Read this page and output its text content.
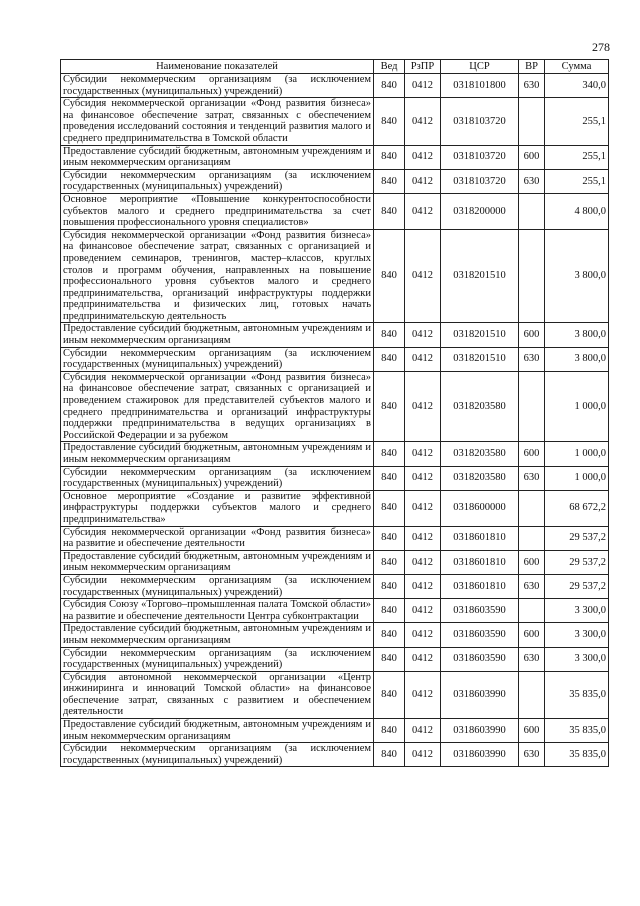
278
Наименование показателей	Вед	РзПР	ЦСР	ВР	Сумма
Субсидии некоммерческим организациям (за исключением государственных (муниципальных) учреждений)	840	0412	0318101800	630	340,0
Субсидия некоммерческой организации «Фонд развития бизнеса» на финансовое обеспечение затрат, связанных с обеспечением проведения исследований состояния и тенденций развития малого и среднего предпринимательства в Томской области	840	0412	0318103720		255,1
Предоставление субсидий бюджетным, автономным учреждениям и иным некоммерческим организациям	840	0412	0318103720	600	255,1
Субсидии некоммерческим организациям (за исключением государственных (муниципальных) учреждений)	840	0412	0318103720	630	255,1
Основное мероприятие «Повышение конкурентоспособности субъектов малого и среднего предпринимательства за счет повышения профессионального уровня специалистов»	840	0412	0318200000		4 800,0
Субсидия некоммерческой организации «Фонд развития бизнеса» на финансовое обеспечение затрат, связанных с организацией и проведением семинаров, тренингов, мастер–классов, круглых столов и программ обучения, направленных на повышение профессионального уровня субъектов малого и среднего предпринимательства, организаций инфраструктуры поддержки предпринимательства и физических лиц, готовых начать предпринимательскую деятельность	840	0412	0318201510		3 800,0
Предоставление субсидий бюджетным, автономным учреждениям и иным некоммерческим организациям	840	0412	0318201510	600	3 800,0
Субсидии некоммерческим организациям (за исключением государственных (муниципальных) учреждений)	840	0412	0318201510	630	3 800,0
Субсидия некоммерческой организации «Фонд развития бизнеса» на финансовое обеспечение затрат, связанных с организацией и проведением стажировок для представителей субъектов малого и среднего предпринимательства и организаций инфраструктуры поддержки предпринимательства в ведущих организациях в Российской Федерации и за рубежом	840	0412	0318203580		1 000,0
Предоставление субсидий бюджетным, автономным учреждениям и иным некоммерческим организациям	840	0412	0318203580	600	1 000,0
Субсидии некоммерческим организациям (за исключением государственных (муниципальных) учреждений)	840	0412	0318203580	630	1 000,0
Основное мероприятие «Создание и развитие эффективной инфраструктуры поддержки субъектов малого и среднего предпринимательства»	840	0412	0318600000		68 672,2
Субсидия некоммерческой организации «Фонд развития бизнеса» на развитие и обеспечение деятельности	840	0412	0318601810		29 537,2
Предоставление субсидий бюджетным, автономным учреждениям и иным некоммерческим организациям	840	0412	0318601810	600	29 537,2
Субсидии некоммерческим организациям (за исключением государственных (муниципальных) учреждений)	840	0412	0318601810	630	29 537,2
Субсидия Союзу «Торгово–промышленная палата Томской области» на развитие и обеспечение деятельности Центра субконтрактации	840	0412	0318603590		3 300,0
Предоставление субсидий бюджетным, автономным учреждениям и иным некоммерческим организациям	840	0412	0318603590	600	3 300,0
Субсидии некоммерческим организациям (за исключением государственных (муниципальных) учреждений)	840	0412	0318603590	630	3 300,0
Субсидия автономной некоммерческой организации «Центр инжиниринга и инноваций Томской области» на финансовое обеспечение затрат, связанных с развитием и обеспечением деятельности	840	0412	0318603990		35 835,0
Предоставление субсидий бюджетным, автономным учреждениям и иным некоммерческим организациям	840	0412	0318603990	600	35 835,0
Субсидии некоммерческим организациям (за исключением государственных (муниципальных) учреждений)	840	0412	0318603990	630	35 835,0
